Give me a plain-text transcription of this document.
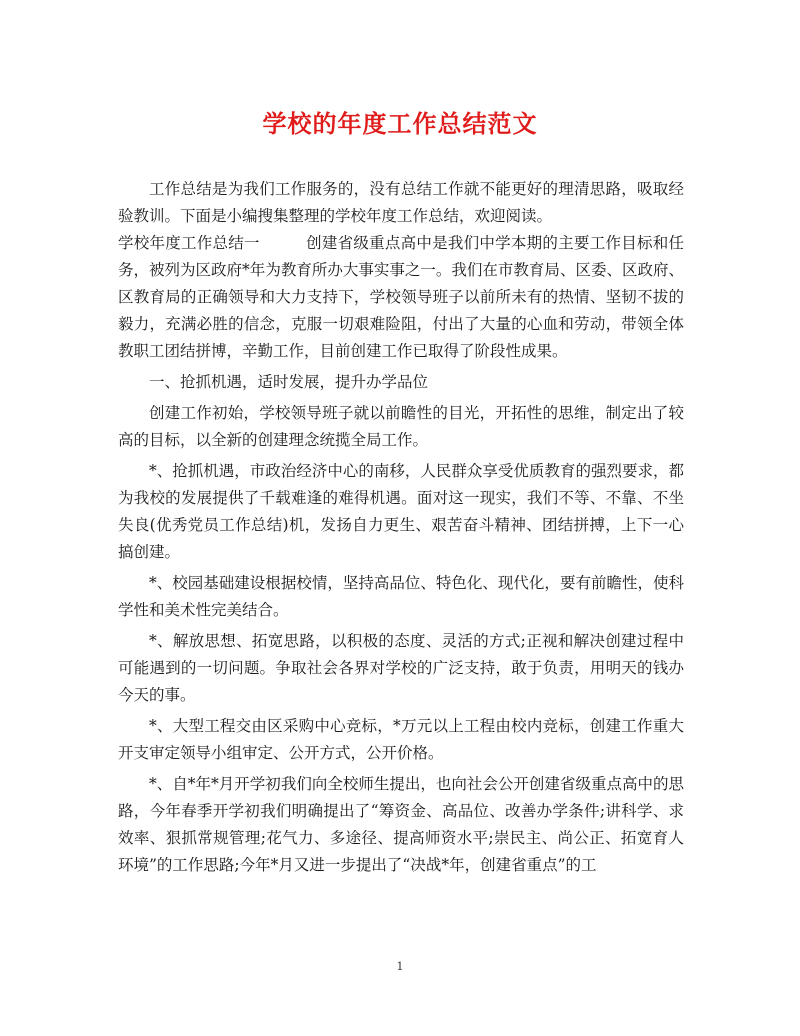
学校的年度工作总结范文

工作总结是为我们工作服务的，没有总结工作就不能更好的理清思路，吸取经验教训。下面是小编搜集整理的学校年度工作总结，欢迎阅读。

学校年度工作总结一	创建省级重点高中是我们中学本期的主要工作目标和任务，被列为区政府*年为教育所办大事实事之一。我们在市教育局、区委、区政府、区教育局的正确领导和大力支持下，学校领导班子以前所未有的热情、坚韧不拔的毅力，充满必胜的信念，克服一切艰难险阻，付出了大量的心血和劳动，带领全体教职工团结拼博，辛勤工作，目前创建工作已取得了阶段性成果。

一、抢抓机遇，适时发展，提升办学品位

创建工作初始，学校领导班子就以前瞻性的目光，开拓性的思维，制定出了较高的目标，以全新的创建理念统揽全局工作。

*、抢抓机遇，市政治经济中心的南移，人民群众享受优质教育的强烈要求，都为我校的发展提供了千载难逢的难得机遇。面对这一现实，我们不等、不靠、不坐失良(优秀党员工作总结)机，发扬自力更生、艰苦奋斗精神、团结拼搏，上下一心搞创建。

*、校园基础建设根据校情，坚持高品位、特色化、现代化，要有前瞻性，使科学性和美术性完美结合。

*、解放思想、拓宽思路，以积极的态度、灵活的方式;正视和解决创建过程中可能遇到的一切问题。争取社会各界对学校的广泛支持，敢于负责，用明天的钱办今天的事。

*、大型工程交由区采购中心竞标，*万元以上工程由校内竞标，创建工作重大开支审定领导小组审定、公开方式，公开价格。

*、自*年*月开学初我们向全校师生提出，也向社会公开创建省级重点高中的思路，今年春季开学初我们明确提出了“筹资金、高品位、改善办学条件;讲科学、求效率、狠抓常规管理;花气力、多途径、提高师资水平;崇民主、尚公正、拓宽育人环境”的工作思路;今年*月又进一步提出了“决战*年，创建省重点”的工

1
